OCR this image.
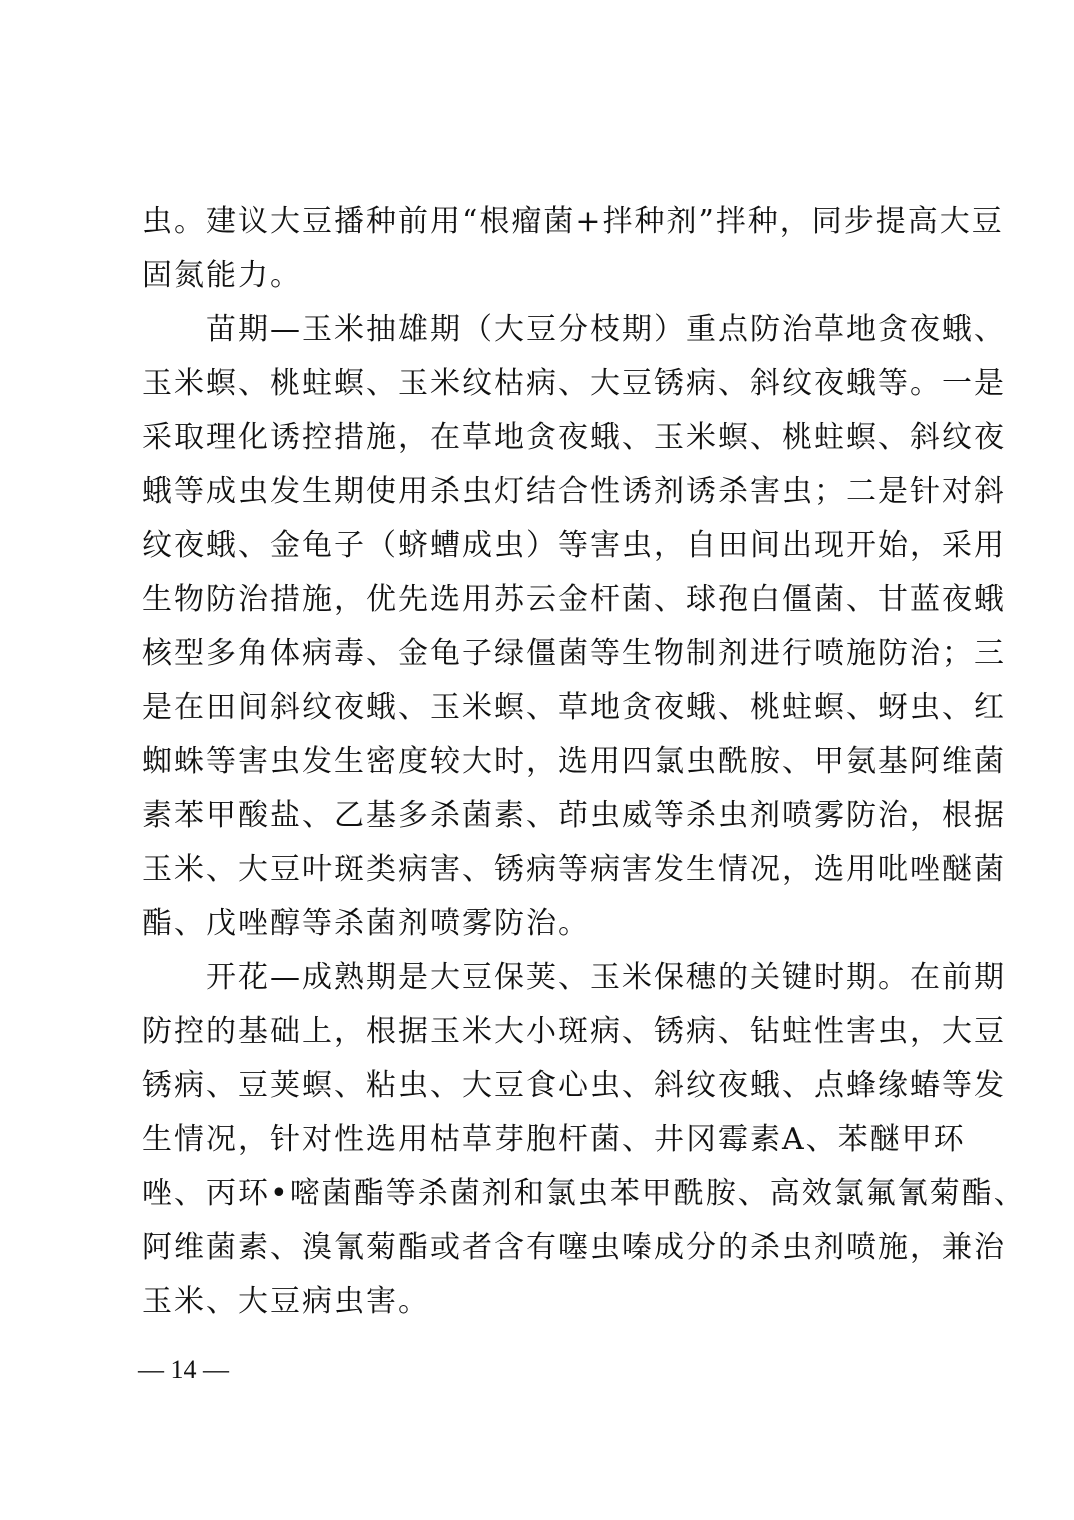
虫。建议大豆播种前用“根瘤菌+拌种剂”拌种，同步提高大豆
固氮能力。
　　苗期—玉米抽雄期（大豆分枝期）重点防治草地贪夜蛾、
玉米螟、桃蛀螟、玉米纹枯病、大豆锈病、斜纹夜蛾等。一是
采取理化诱控措施，在草地贪夜蛾、玉米螟、桃蛀螟、斜纹夜
蛾等成虫发生期使用杀虫灯结合性诱剂诱杀害虫；二是针对斜
纹夜蛾、金龟子（蛴螬成虫）等害虫，自田间出现开始，采用
生物防治措施，优先选用苏云金杆菌、球孢白僵菌、甘蓝夜蛾
核型多角体病毒、金龟子绿僵菌等生物制剂进行喷施防治；三
是在田间斜纹夜蛾、玉米螟、草地贪夜蛾、桃蛀螟、蚜虫、红
蜘蛛等害虫发生密度较大时，选用四氯虫酰胺、甲氨基阿维菌
素苯甲酸盐、乙基多杀菌素、茚虫威等杀虫剂喷雾防治，根据
玉米、大豆叶斑类病害、锈病等病害发生情况，选用吡唑醚菌
酯、戊唑醇等杀菌剂喷雾防治。
　　开花—成熟期是大豆保荚、玉米保穗的关键时期。在前期
防控的基础上，根据玉米大小斑病、锈病、钻蛀性害虫，大豆
锈病、豆荚螟、粘虫、大豆食心虫、斜纹夜蛾、点蜂缘蝽等发
生情况，针对性选用枯草芽胞杆菌、井冈霉素A、苯醚甲环
唑、丙环•嘧菌酯等杀菌剂和氯虫苯甲酰胺、高效氯氟氰菊酯、
阿维菌素、溴氰菊酯或者含有噻虫嗪成分的杀虫剂喷施，兼治
玉米、大豆病虫害。
— 14 —
